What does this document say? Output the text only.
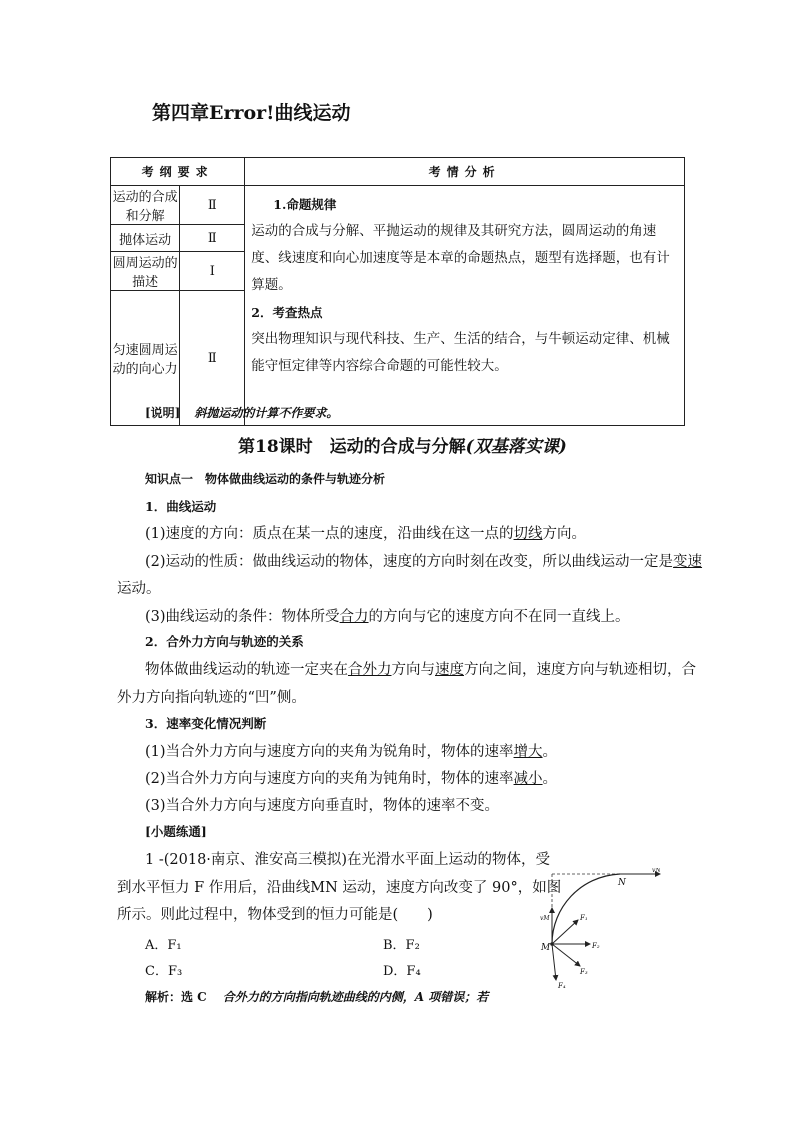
第四章Error!曲线运动
考纲要求		考情分析
运动的合成和分解	Ⅱ	1.命题规律
运动的合成与分解、平抛运动的规律及其研究方法，圆周运动的角速度、线速度和向心加速度等是本章的命题热点，题型有选择题，也有计算题。
2．考查热点
突出物理知识与现代科技、生产、生活的结合，与牛顿运动定律、机械能守恒定律等内容综合命题的可能性较大。

抛体运动	Ⅱ	
圆周运动的描述	Ⅰ	
匀速圆周运动的向心力	Ⅱ	
[说明] 斜抛运动的计算不作要求。
第18课时　运动的合成与分解(双基落实课)
知识点一　物体做曲线运动的条件与轨迹分析
1．曲线运动
(1)速度的方向：质点在某一点的速度，沿曲线在这一点的切线方向。
(2)运动的性质：做曲线运动的物体，速度的方向时刻在改变，所以曲线运动一定是变速
运动。
(3)曲线运动的条件：物体所受合力的方向与它的速度方向不在同一直线上。
2．合外力方向与轨迹的关系
物体做曲线运动的轨迹一定夹在合外力方向与速度方向之间，速度方向与轨迹相切，合
外力方向指向轨迹的“凹”侧。
3．速率变化情况判断
(1)当合外力方向与速度方向的夹角为锐角时，物体的速率增大。
(2)当合外力方向与速度方向的夹角为钝角时，物体的速率减小。
(3)当合外力方向与速度方向垂直时，物体的速率不变。
[小题练通]
1 -(2018·南京、淮安高三模拟)在光滑水平面上运动的物体，受
到水平恒力 F 作用后，沿曲线MN 运动，速度方向改变了 90°，如图
所示。则此过程中，物体受到的恒力可能是(　　)
A．F₁	B．F₂
C．F₃	D．F₄
解析：选 C 合外力的方向指向轨迹曲线的内侧，A 项错误；若
N
vN
vM
M
F₁
F₂
F₃
F₄
